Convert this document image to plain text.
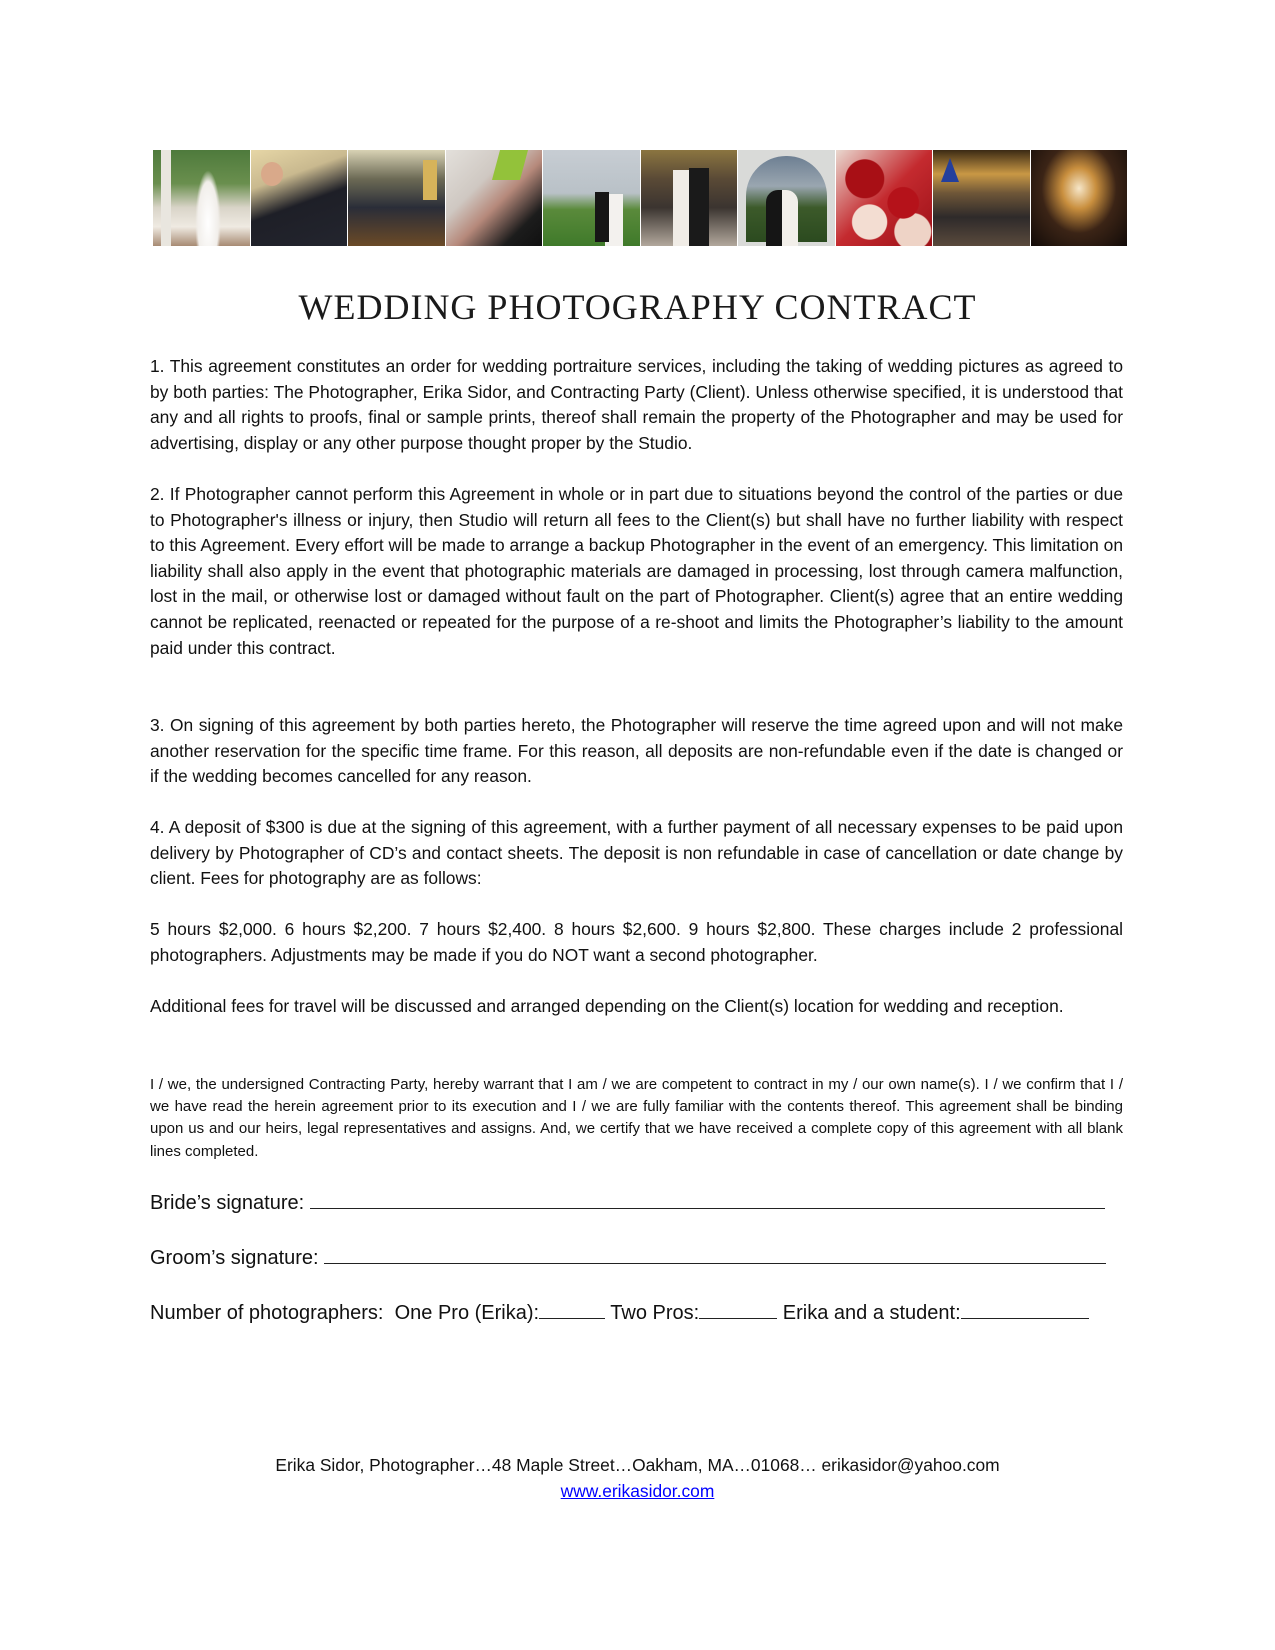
WEDDING PHOTOGRAPHY CONTRACT

1. This agreement constitutes an order for wedding portraiture services, including the taking of wedding pictures as agreed to by both parties: The Photographer, Erika Sidor, and Contracting Party (Client). Unless otherwise specified, it is understood that any and all rights to proofs, final or sample prints, thereof shall remain the property of the Photographer and may be used for advertising, display or any other purpose thought proper by the Studio.

2. If Photographer cannot perform this Agreement in whole or in part due to situations beyond the control of the parties or due to Photographer's illness or injury, then Studio will return all fees to the Client(s) but shall have no further liability with respect to this Agreement. Every effort will be made to arrange a backup Photographer in the event of an emergency. This limitation on liability shall also apply in the event that photographic materials are damaged in processing, lost through camera malfunction, lost in the mail, or otherwise lost or damaged without fault on the part of Photographer. Client(s) agree that an entire wedding cannot be replicated, reenacted or repeated for the purpose of a re-shoot and limits the Photographer’s liability to the amount paid under this contract.

3. On signing of this agreement by both parties hereto, the Photographer will reserve the time agreed upon and will not make another reservation for the specific time frame. For this reason, all deposits are non-refundable even if the date is changed or if the wedding becomes cancelled for any reason.

4. A deposit of $300 is due at the signing of this agreement, with a further payment of all necessary expenses to be paid upon delivery by Photographer of CD’s and contact sheets. The deposit is non refundable in case of cancellation or date change by client. Fees for photography are as follows:

5 hours $2,000. 6 hours $2,200. 7 hours $2,400. 8 hours $2,600. 9 hours $2,800. These charges include 2 professional photographers. Adjustments may be made if you do NOT want a second photographer.

Additional fees for travel will be discussed and arranged depending on the Client(s) location for wedding and reception.

I / we, the undersigned Contracting Party, hereby warrant that I am / we are competent to contract in my / our own name(s). I / we confirm that I / we have read the herein agreement prior to its execution and I / we are fully familiar with the contents thereof. This agreement shall be binding upon us and our heirs, legal representatives and assigns. And, we certify that we have received a complete copy of this agreement with all blank lines completed.

Bride’s signature:
Groom’s signature:
Number of photographers: One Pro (Erika):	Two Pros:	Erika and a student:
Erika Sidor, Photographer…48 Maple Street…Oakham, MA…01068… erikasidor@yahoo.com
www.erikasidor.com
